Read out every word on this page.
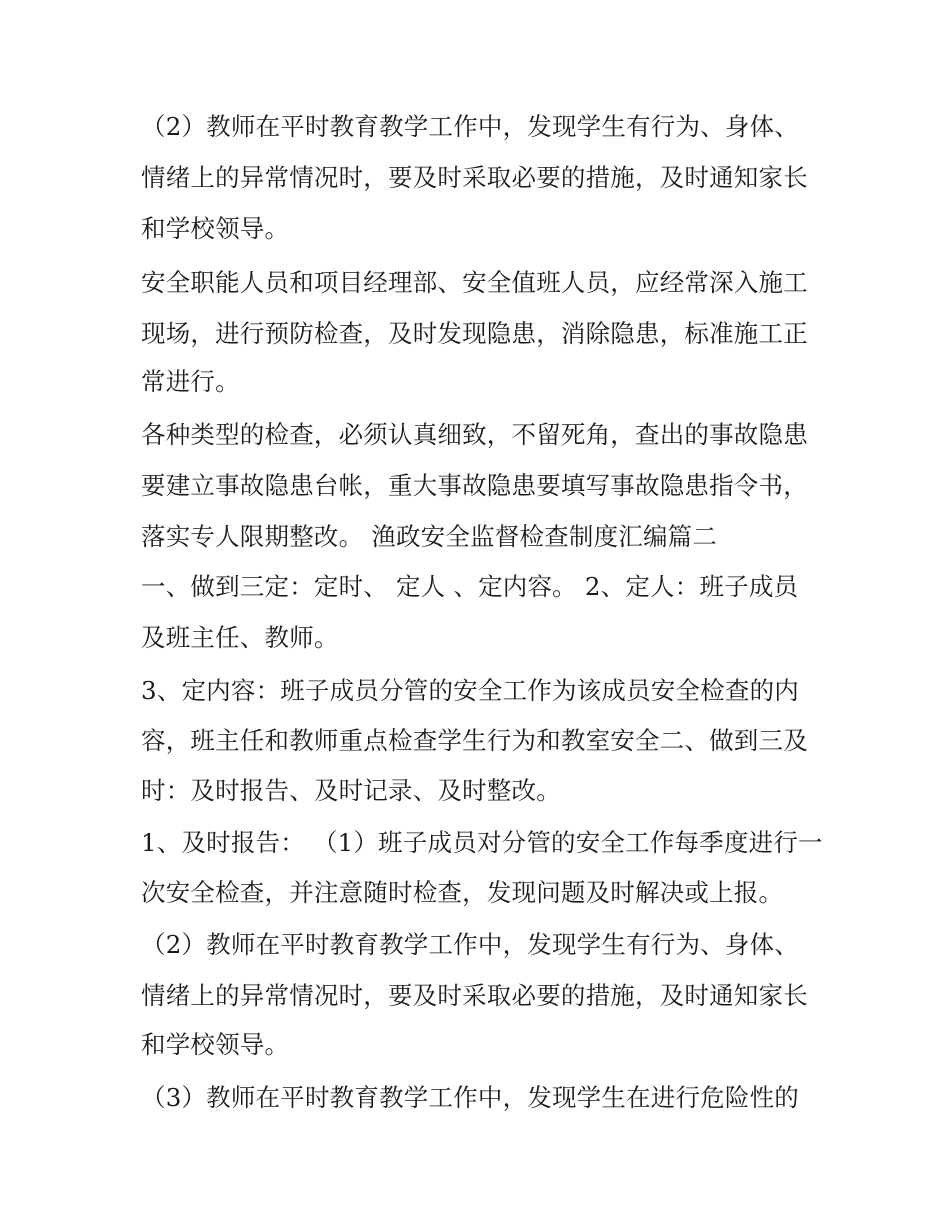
（2）教师在平时教育教学工作中，发现学生有行为、身体、
情绪上的异常情况时，要及时采取必要的措施，及时通知家长
和学校领导。
安全职能人员和项目经理部、安全值班人员，应经常深入施工
现场，进行预防检查，及时发现隐患，消除隐患，标准施工正
常进行。
各种类型的检查，必须认真细致，不留死角，查出的事故隐患
要建立事故隐患台帐，重大事故隐患要填写事故隐患指令书，
落实专人限期整改。 渔政安全监督检查制度汇编篇二
一、做到三定：定时、 定人 、定内容。 2、定人：班子成员
及班主任、教师。
3、定内容：班子成员分管的安全工作为该成员安全检查的内
容，班主任和教师重点检查学生行为和教室安全二、做到三及
时：及时报告、及时记录、及时整改。
1、及时报告： （1）班子成员对分管的安全工作每季度进行一
次安全检查，并注意随时检查，发现问题及时解决或上报。
（2）教师在平时教育教学工作中，发现学生有行为、身体、
情绪上的异常情况时，要及时采取必要的措施，及时通知家长
和学校领导。
（3）教师在平时教育教学工作中，发现学生在进行危险性的
